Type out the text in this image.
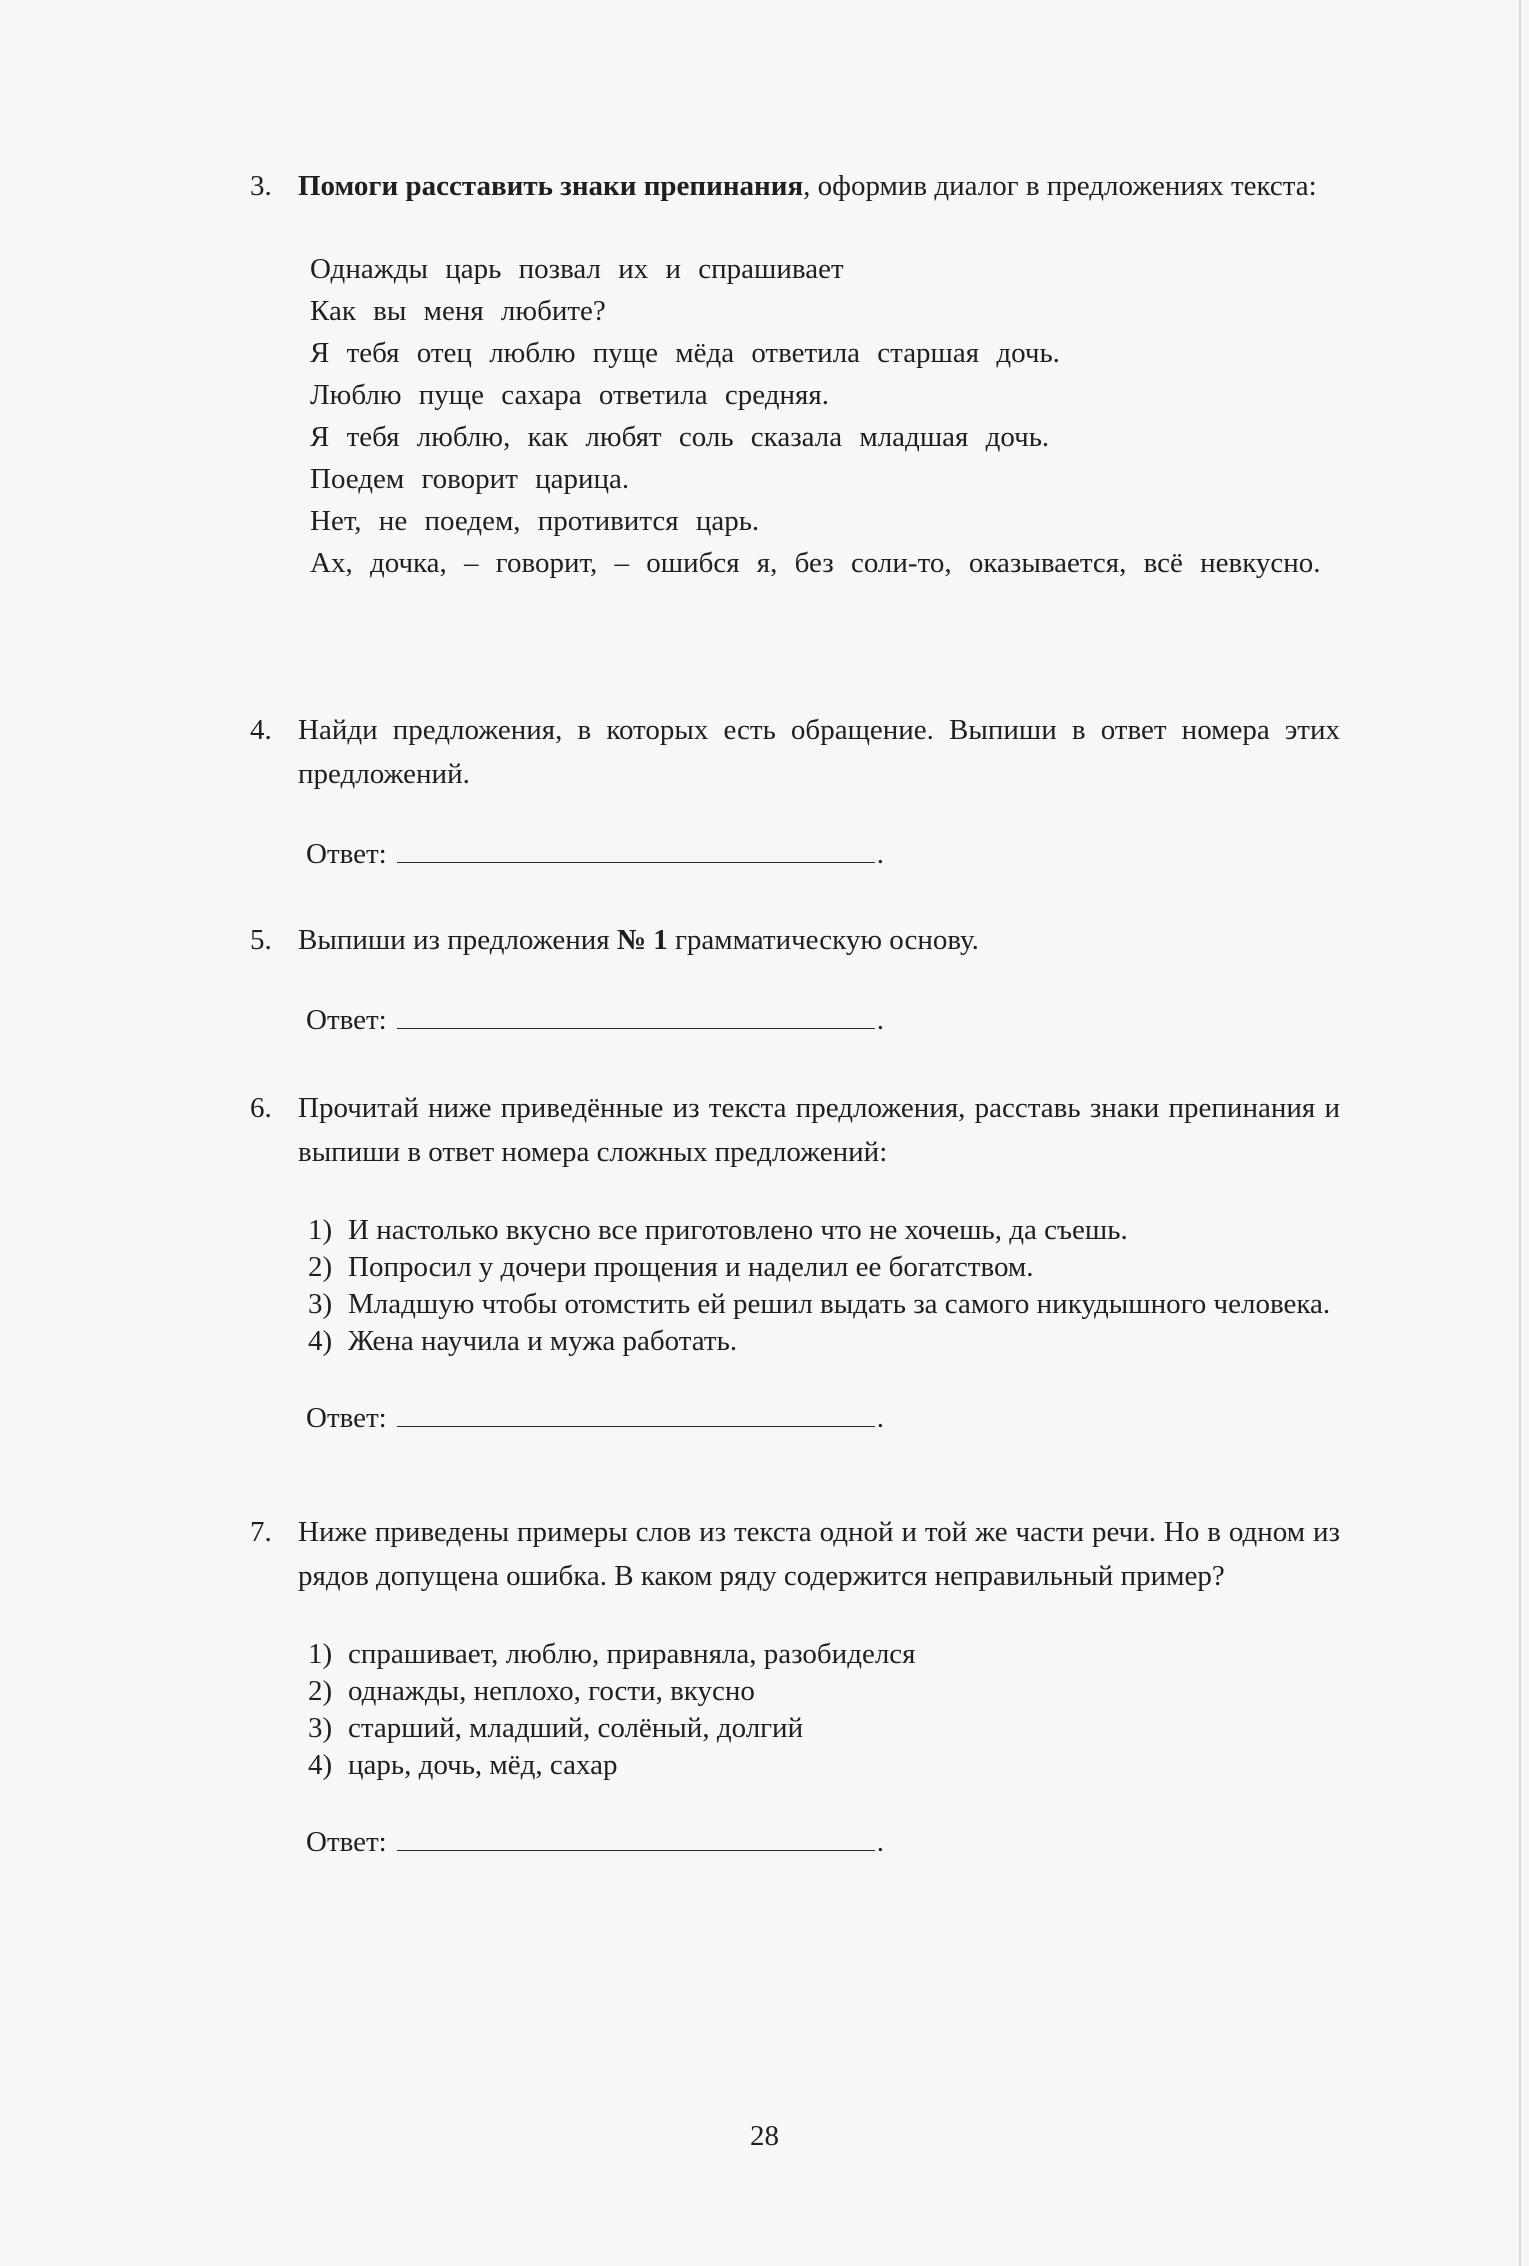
3. Помоги расставить знаки препинания, оформив диалог в предложениях текста:
Однажды царь позвал их и спрашивает
Как вы меня любите?
Я тебя отец люблю пуще мёда ответила старшая дочь.
Люблю пуще сахара ответила средняя.
Я тебя люблю, как любят соль сказала младшая дочь.
Поедем говорит царица.
Нет, не поедем, противится царь.
Ах, дочка, – говорит, – ошибся я, без соли-то, оказывается, всё невкусно.
4. Найди предложения, в которых есть обращение. Выпиши в ответ номера этих предложений.
Ответ:	.
5. Выпиши из предложения № 1 грамматическую основу.
Ответ:	.
6. Прочитай ниже приведённые из текста предложения, расставь знаки препинания и выпиши в ответ номера сложных предложений:
1) И настолько вкусно все приготовлено что не хочешь, да съешь.
2) Попросил у дочери прощения и наделил ее богатством.
3) Младшую чтобы отомстить ей решил выдать за самого никудышного человека.
4) Жена научила и мужа работать.
Ответ:	.
7. Ниже приведены примеры слов из текста одной и той же части речи. Но в одном из рядов допущена ошибка. В каком ряду содержится неправильный пример?
1) спрашивает, люблю, приравняла, разобиделся
2) однажды, неплохо, гости, вкусно
3) старший, младший, солёный, долгий
4) царь, дочь, мёд, сахар
Ответ:	.
28
